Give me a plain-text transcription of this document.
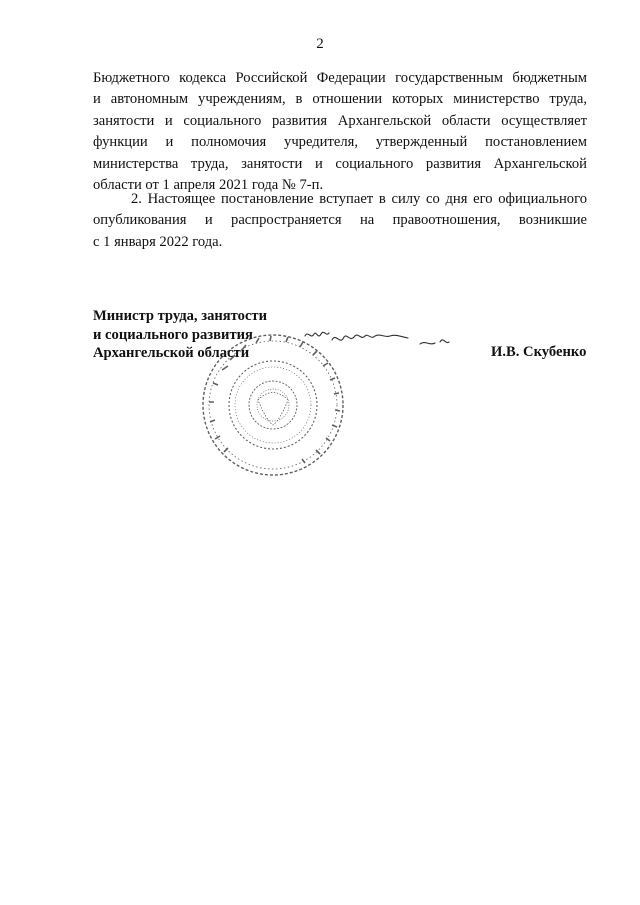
2
Бюджетного кодекса Российской Федерации государственным бюджетным
и автономным учреждениям, в отношении которых министерство труда,
занятости и социального развития Архангельской области осуществляет
функции и полномочия учредителя, утвержденный постановлением
министерства труда, занятости и социального развития Архангельской
области от 1 апреля 2021 года № 7-п.
2. Настоящее постановление вступает в силу со дня его официального
опубликования и распространяется на правоотношения, возникшие
с 1 января 2022 года.
Министр труда, занятости
и социального развития
Архангельской области	И.В. Скубенко
